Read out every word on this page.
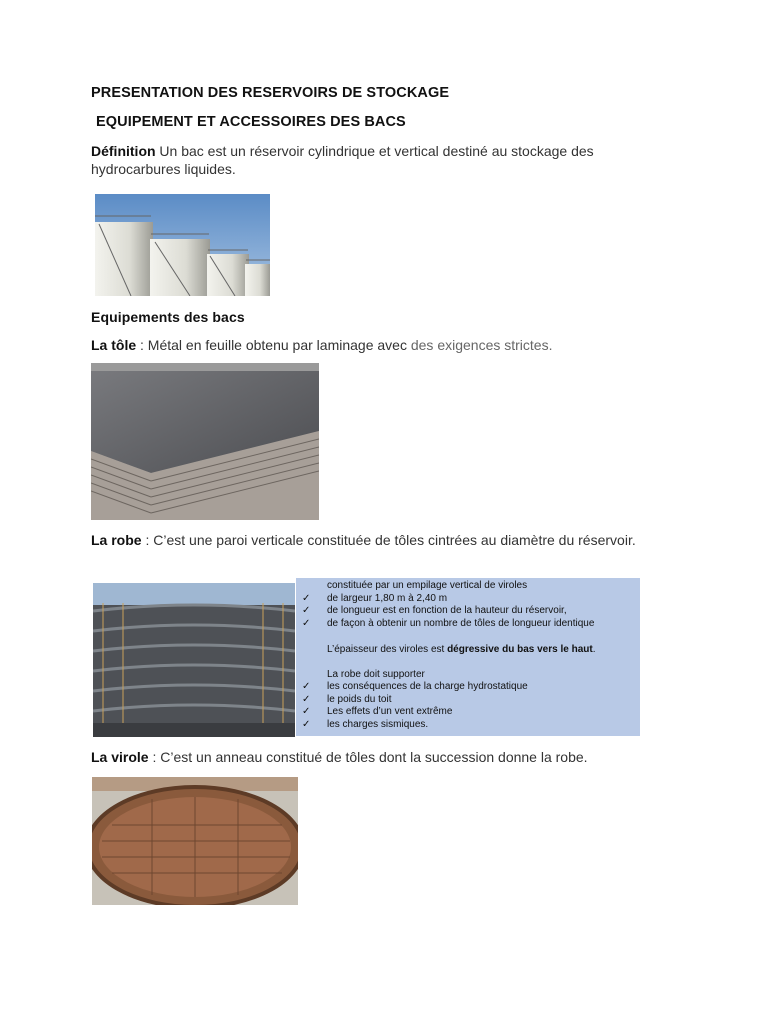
PRESENTATION DES RESERVOIRS DE STOCKAGE
EQUIPEMENT ET ACCESSOIRES DES BACS
Définition Un bac est un réservoir cylindrique et vertical destiné au stockage des hydrocarbures liquides.
Equipements des bacs
La tôle : Métal en feuille obtenu par laminage avec des exigences strictes.
La robe : C’est une paroi verticale constituée de tôles cintrées au diamètre du réservoir.
constituée par un empilage vertical de viroles
✓ de largeur 1,80 m à 2,40 m
✓ de longueur est en fonction de la hauteur du réservoir,
✓ de façon à obtenir un nombre de tôles de longueur identique
L’épaisseur des viroles est dégressive du bas vers le haut.
La robe doit supporter
✓ les conséquences de la charge hydrostatique
✓ le poids du toit
✓ Les effets d’un vent extrême
✓ les charges sismiques.
La virole : C’est un anneau constitué de tôles dont la succession donne la robe.
